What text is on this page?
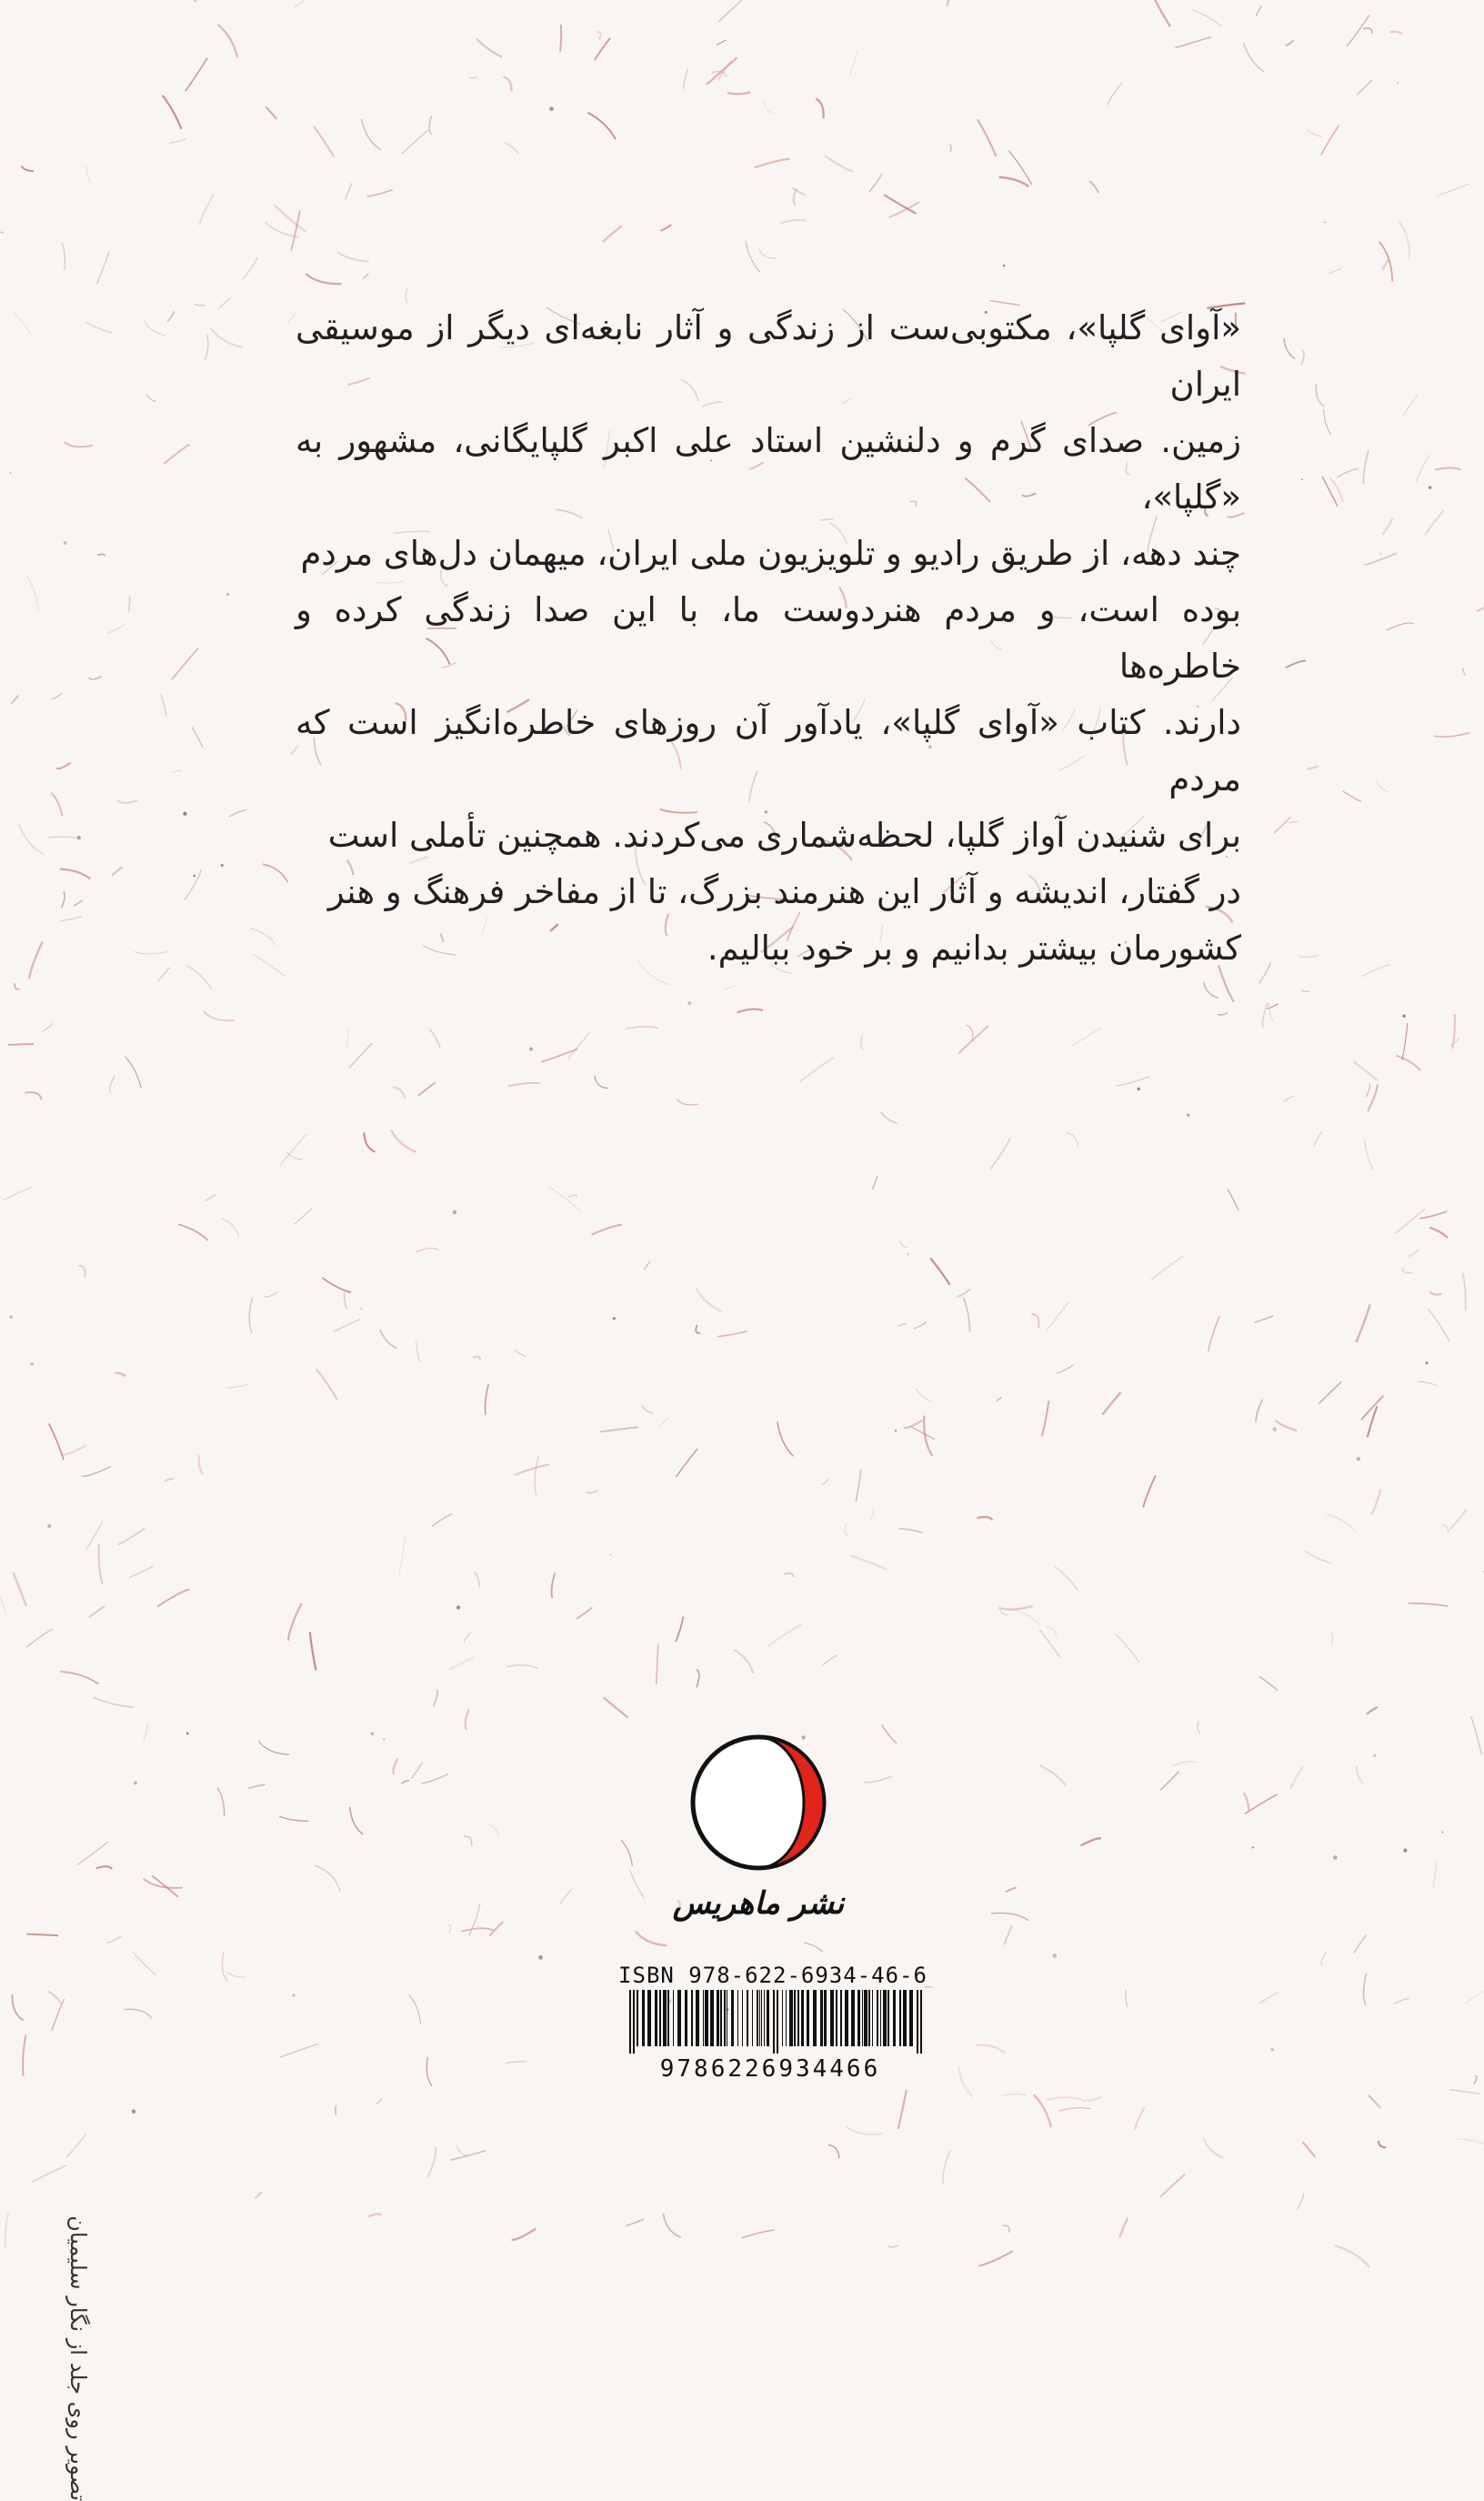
«آوای گلپا»، مکتوبی‌ست از زندگی و آثار نابغه‌ای دیگر از موسیقی ایران

زمین. صدای گرم و دلنشین استاد علی اکبر گلپایگانی، مشهور به «گلپا»،

چند دهه، از طریق رادیو و تلویزیون ملی ایران، میهمان دل‌های مردم

بوده است، و مردم هنردوست ما، با این صدا زندگی کرده و خاطره‌ها

دارند. کتاب «آوای گلپا»، یادآور آن روزهای خاطره‌انگیز است که مردم

برای شنیدن آواز گلپا، لحظه‌شماری می‌کردند. همچنین تأملی است

در گفتار، اندیشه و آثار این هنرمند بزرگ، تا از مفاخر فرهنگ و هنر

کشورمان بیشتر بدانیم و بر خود ببالیم.

نشر ماهریس
ISBN 978-622-6934-46-6
9786226934466
تصویر روی جلد از نگار سلیمیان
